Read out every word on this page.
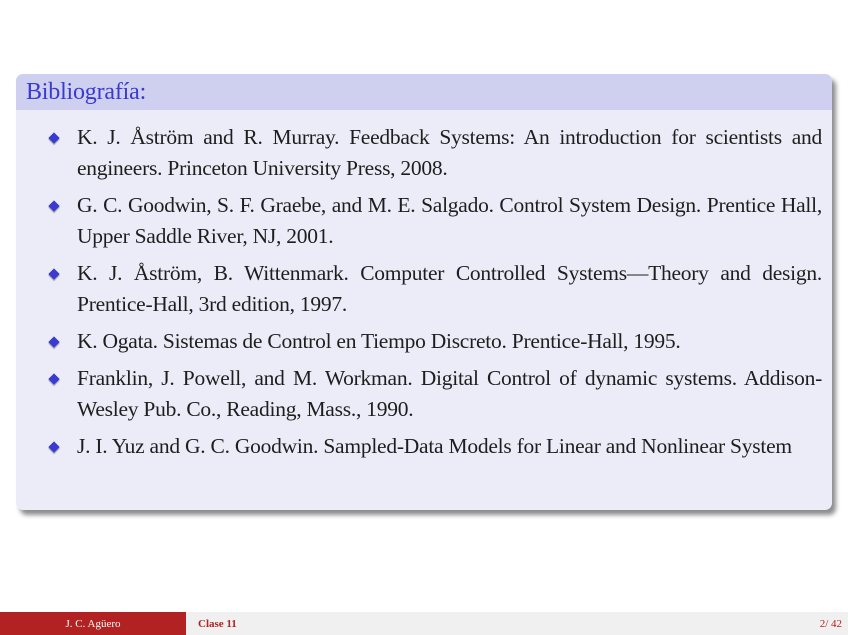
Bibliografía:
K. J. Åström and R. Murray. Feedback Systems: An introduction for scientists and engineers. Princeton University Press, 2008.
G. C. Goodwin, S. F. Graebe, and M. E. Salgado. Control System Design. Prentice Hall, Upper Saddle River, NJ, 2001.
K. J. Åström, B. Wittenmark. Computer Controlled Systems—Theory and design. Prentice-Hall, 3rd edition, 1997.
K. Ogata. Sistemas de Control en Tiempo Discreto. Prentice-Hall, 1995.
Franklin, J. Powell, and M. Workman. Digital Control of dynamic systems. Addison-Wesley Pub. Co., Reading, Mass., 1990.
J. I. Yuz and G. C. Goodwin. Sampled-Data Models for Linear and Nonlinear System
J. C. Agüero	Clase 11	2/ 42
